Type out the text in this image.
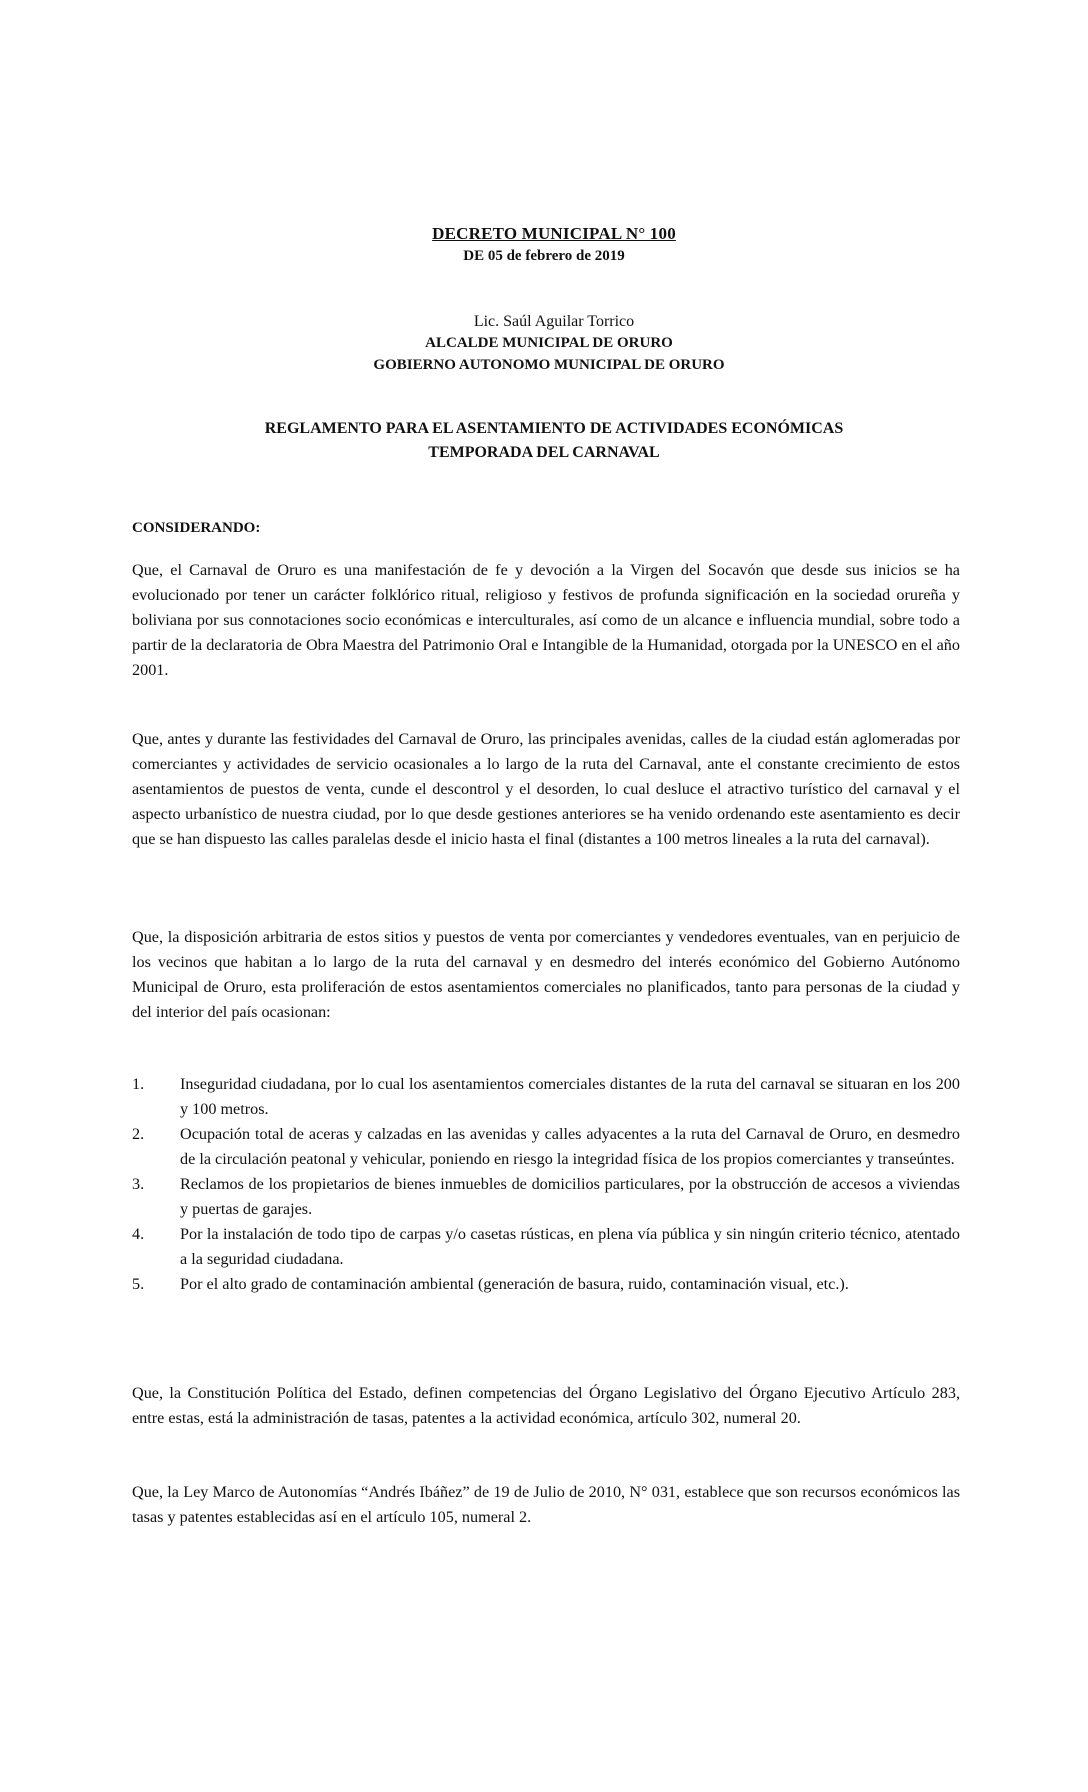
DECRETO MUNICIPAL N° 100
DE 05 de febrero de 2019
Lic. Saúl Aguilar Torrico
ALCALDE MUNICIPAL DE ORURO
GOBIERNO AUTONOMO MUNICIPAL DE ORURO
REGLAMENTO PARA EL ASENTAMIENTO DE ACTIVIDADES ECONÓMICAS
TEMPORADA DEL CARNAVAL
CONSIDERANDO:

Que, el Carnaval de Oruro es una manifestación de fe y devoción a la Virgen del Socavón que desde sus inicios se ha evolucionado por tener un carácter folklórico ritual, religioso y festivos de profunda significación en la sociedad orureña y boliviana por sus connotaciones socio económicas e interculturales, así como de un alcance e influencia mundial, sobre todo a partir de la declaratoria de Obra Maestra del Patrimonio Oral e Intangible de la Humanidad, otorgada por la UNESCO en el año 2001.

Que, antes y durante las festividades del Carnaval de Oruro, las principales avenidas, calles de la ciudad están aglomeradas por comerciantes y actividades de servicio ocasionales a lo largo de la ruta del Carnaval, ante el constante crecimiento de estos asentamientos de puestos de venta, cunde el descontrol y el desorden, lo cual desluce el atractivo turístico del carnaval y el aspecto urbanístico de nuestra ciudad, por lo que desde gestiones anteriores se ha venido ordenando este asentamiento es decir que se han dispuesto las calles paralelas desde el inicio hasta el final (distantes a 100 metros lineales a la ruta del carnaval).

Que, la disposición arbitraria de estos sitios y puestos de venta por comerciantes y vendedores eventuales, van en perjuicio de los vecinos que habitan a lo largo de la ruta del carnaval y en desmedro del interés económico del Gobierno Autónomo Municipal de Oruro, esta proliferación de estos asentamientos comerciales no planificados, tanto para personas de la ciudad y del interior del país ocasionan:

1.	Inseguridad ciudadana, por lo cual los asentamientos comerciales distantes de la ruta del carnaval se situaran en los 200 y 100 metros.
2.	Ocupación total de aceras y calzadas en las avenidas y calles adyacentes a la ruta del Carnaval de Oruro, en desmedro de la circulación peatonal y vehicular, poniendo en riesgo la integridad física de los propios comerciantes y transeúntes.
3.	Reclamos de los propietarios de bienes inmuebles de domicilios particulares, por la obstrucción de accesos a viviendas y puertas de garajes.
4.	Por la instalación de todo tipo de carpas y/o casetas rústicas, en plena vía pública y sin ningún criterio técnico, atentado a la seguridad ciudadana.
5.	Por el alto grado de contaminación ambiental (generación de basura, ruido, contaminación visual, etc.).

Que, la Constitución Política del Estado, definen competencias del Órgano Legislativo del Órgano Ejecutivo Artículo 283, entre estas, está la administración de tasas, patentes a la actividad económica, artículo 302, numeral 20.

Que, la Ley Marco de Autonomías “Andrés Ibáñez” de 19 de Julio de 2010, N° 031, establece que son recursos económicos las tasas y patentes establecidas así en el artículo 105, numeral 2.
